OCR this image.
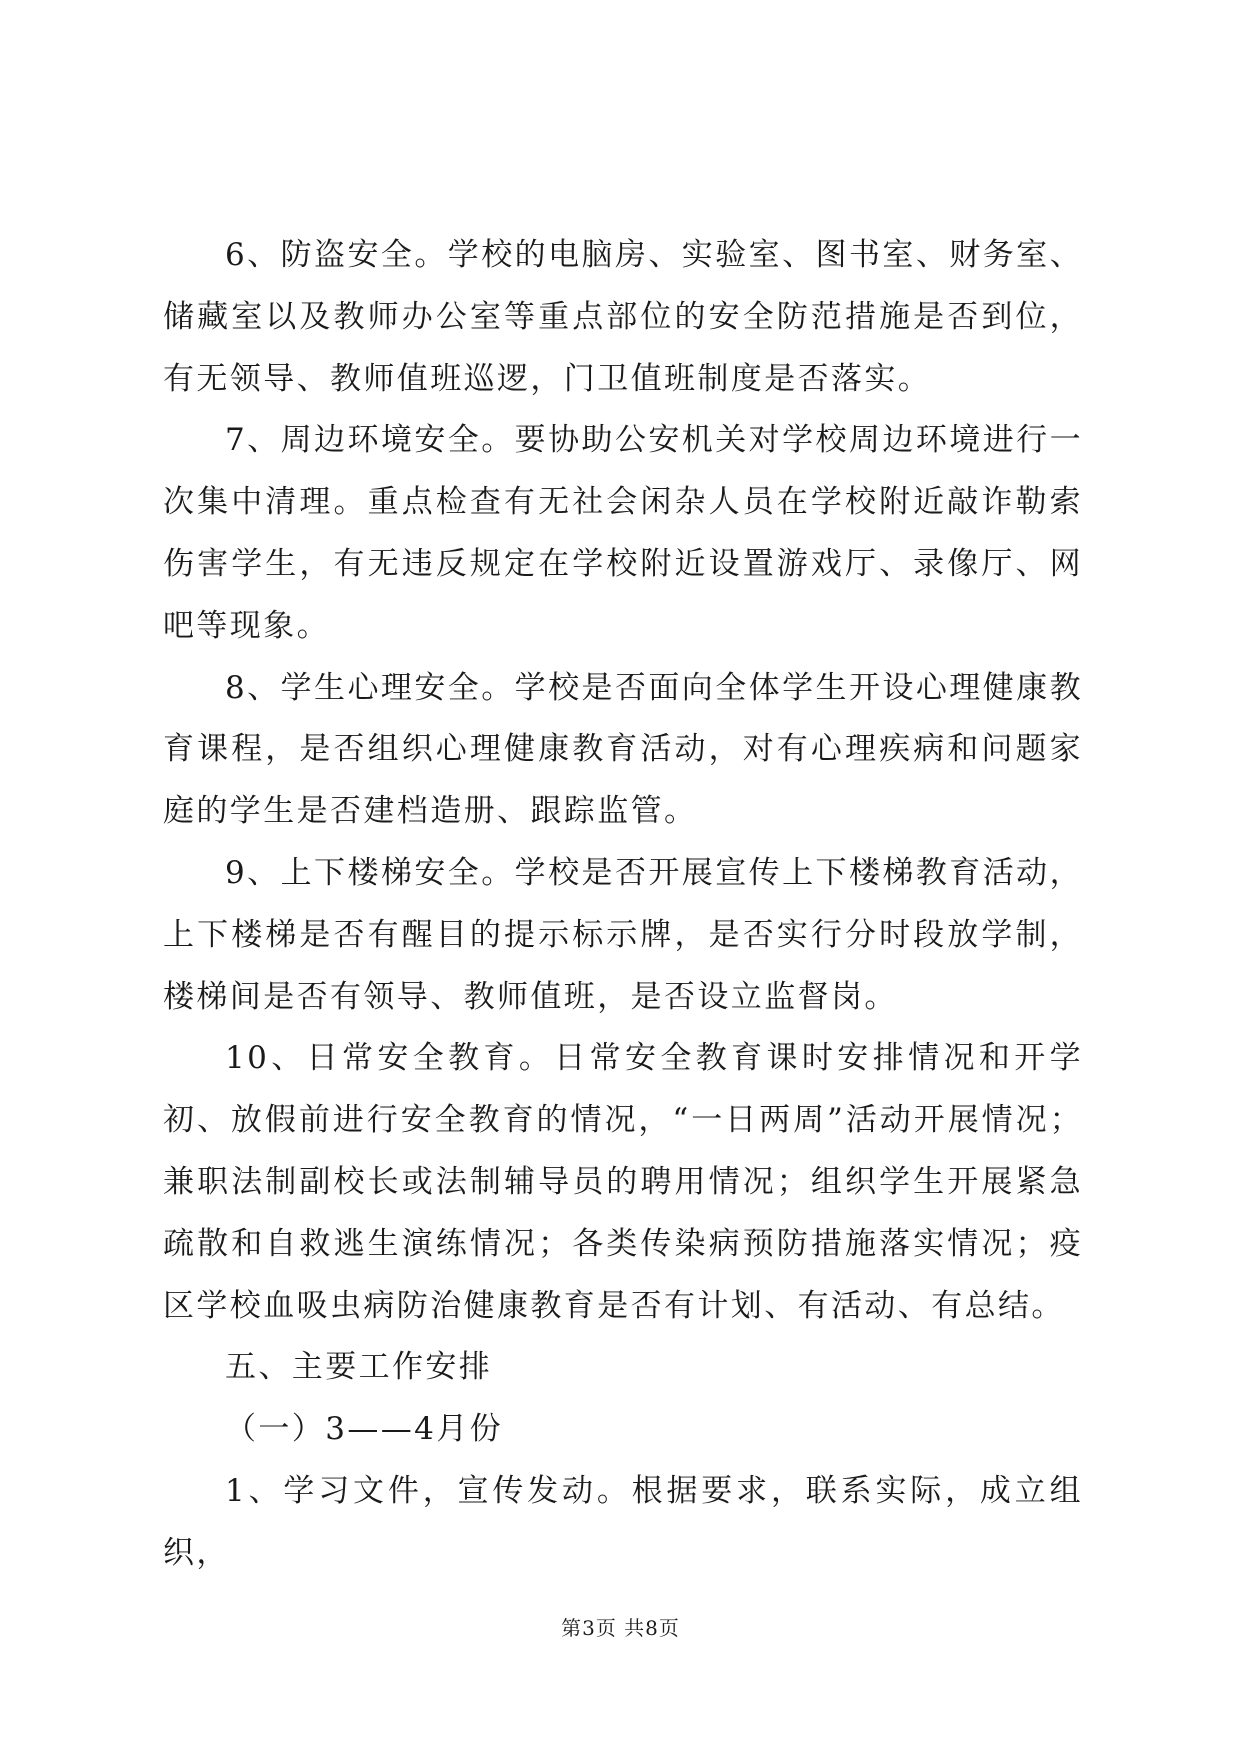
6、防盗安全。学校的电脑房、实验室、图书室、财务室、储藏室以及教师办公室等重点部位的安全防范措施是否到位，有无领导、教师值班巡逻，门卫值班制度是否落实。

7、周边环境安全。要协助公安机关对学校周边环境进行一次集中清理。重点检查有无社会闲杂人员在学校附近敲诈勒索伤害学生，有无违反规定在学校附近设置游戏厅、录像厅、网吧等现象。

8、学生心理安全。学校是否面向全体学生开设心理健康教育课程，是否组织心理健康教育活动，对有心理疾病和问题家庭的学生是否建档造册、跟踪监管。

9、上下楼梯安全。学校是否开展宣传上下楼梯教育活动，上下楼梯是否有醒目的提示标示牌，是否实行分时段放学制，楼梯间是否有领导、教师值班，是否设立监督岗。

10、日常安全教育。日常安全教育课时安排情况和开学初、放假前进行安全教育的情况，“一日两周”活动开展情况；兼职法制副校长或法制辅导员的聘用情况；组织学生开展紧急疏散和自救逃生演练情况；各类传染病预防措施落实情况；疫区学校血吸虫病防治健康教育是否有计划、有活动、有总结。

五、主要工作安排

（一）3——4月份

1、学习文件，宣传发动。根据要求，联系实际，成立组织，

第3页 共8页
